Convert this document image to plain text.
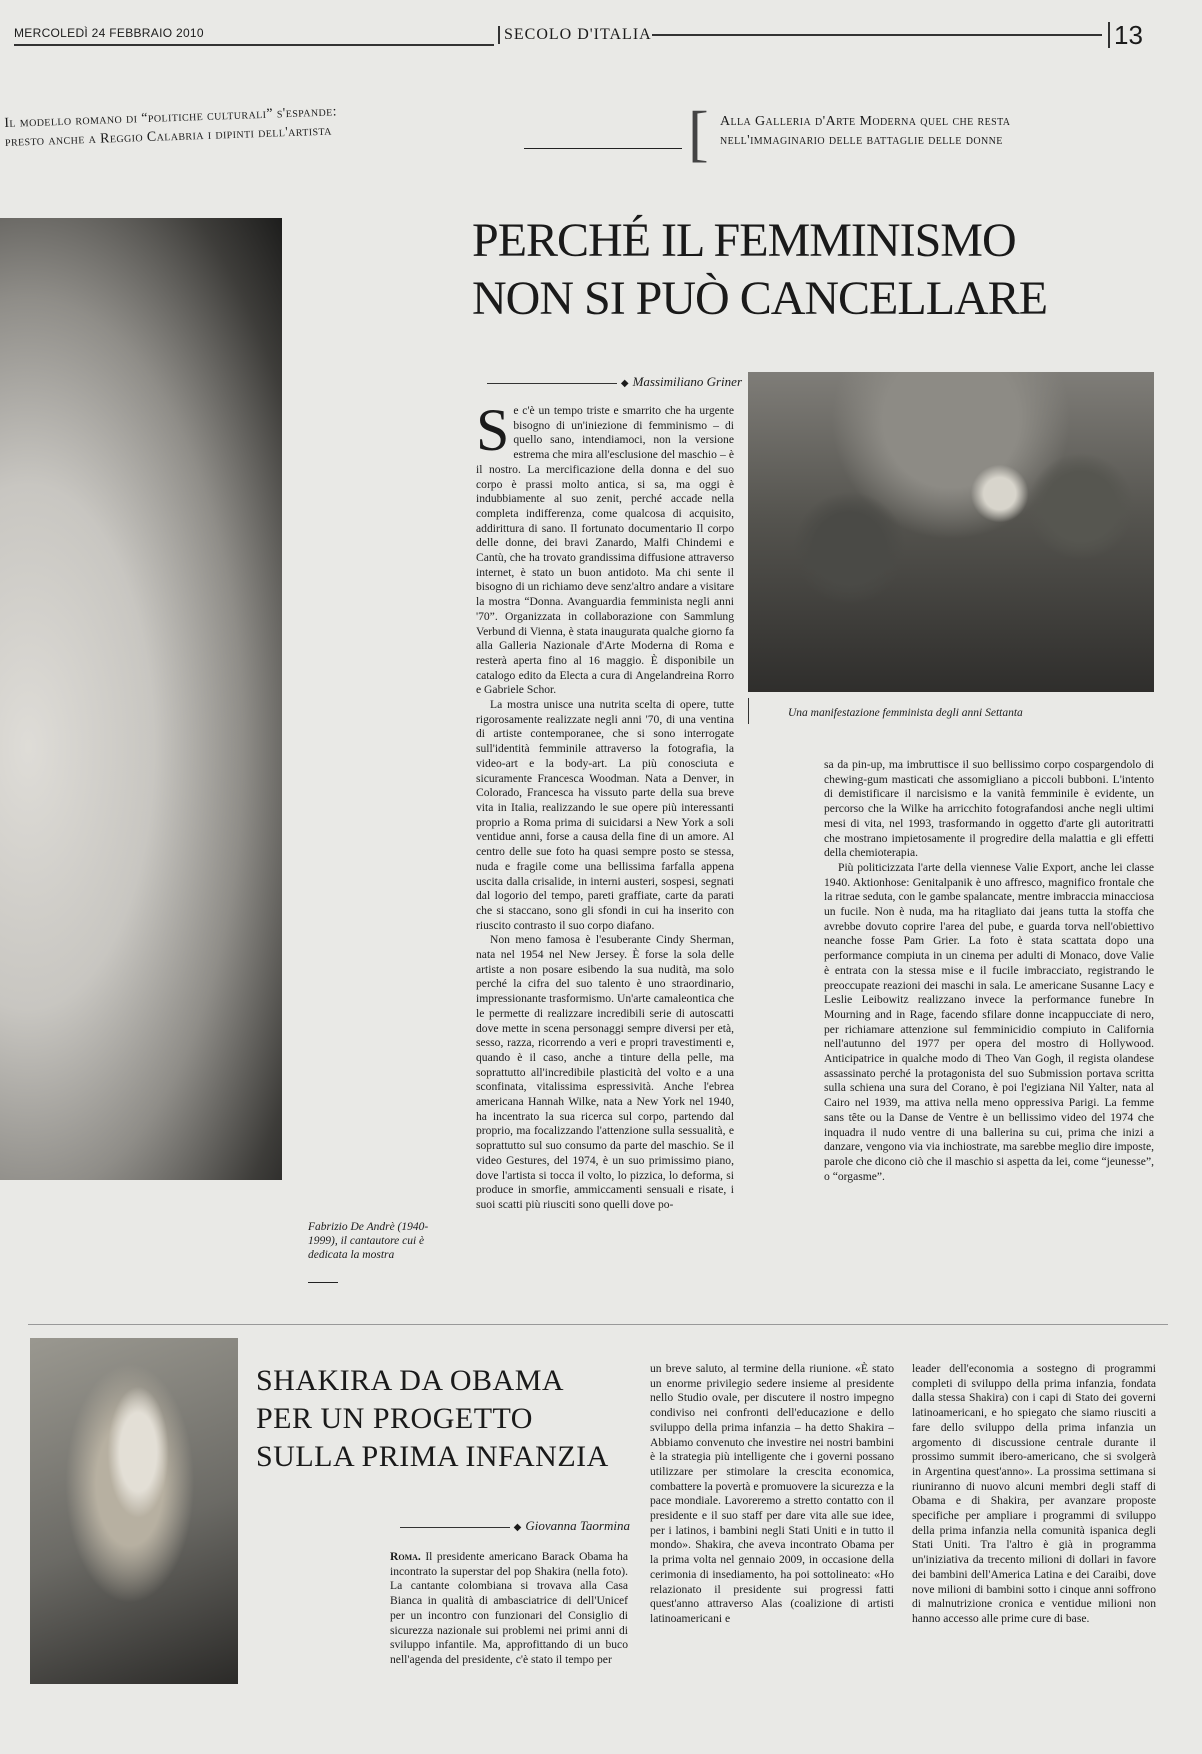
MERCOLEDÌ 24 FEBBRAIO 2010	SECOLO D'ITALIA	13
Il modello romano di “politiche culturali” s'espande:
presto anche a Reggio Calabria i dipinti dell'artista	[ Alla Galleria d'Arte Moderna quel che resta
nell'immaginario delle battaglie delle donne
Fabrizio De Andrè (1940-1999), il cantautore cui è dedicata la mostra
PERCHÉ IL FEMMINISMO
NON SI PUÒ CANCELLARE
◆ Massimiliano Griner
Una manifestazione femminista degli anni Settanta

Se c'è un tempo triste e smarrito che ha urgente bisogno di un'iniezione di femminismo – di quello sano, intendiamoci, non la versione estrema che mira all'esclusione del maschio – è il nostro. La mercificazione della donna e del suo corpo è prassi molto antica, si sa, ma oggi è indubbiamente al suo zenit, perché accade nella completa indifferenza, come qualcosa di acquisito, addirittura di sano. Il fortunato documentario Il corpo delle donne, dei bravi Zanardo, Malfi Chindemi e Cantù, che ha trovato grandissima diffusione attraverso internet, è stato un buon antidoto. Ma chi sente il bisogno di un richiamo deve senz'altro andare a visitare la mostra “Donna. Avanguardia femminista negli anni '70”. Organizzata in collaborazione con Sammlung Verbund di Vienna, è stata inaugurata qualche giorno fa alla Galleria Nazionale d'Arte Moderna di Roma e resterà aperta fino al 16 maggio. È disponibile un catalogo edito da Electa a cura di Angelandreina Rorro e Gabriele Schor.

La mostra unisce una nutrita scelta di opere, tutte rigorosamente realizzate negli anni '70, di una ventina di artiste contemporanee, che si sono interrogate sull'identità femminile attraverso la fotografia, la video-art e la body-art. La più conosciuta e sicuramente Francesca Woodman. Nata a Denver, in Colorado, Francesca ha vissuto parte della sua breve vita in Italia, realizzando le sue opere più interessanti proprio a Roma prima di suicidarsi a New York a soli ventidue anni, forse a causa della fine di un amore. Al centro delle sue foto ha quasi sempre posto se stessa, nuda e fragile come una bellissima farfalla appena uscita dalla crisalide, in interni austeri, sospesi, segnati dal logorio del tempo, pareti graffiate, carte da parati che si staccano, sono gli sfondi in cui ha inserito con riuscito contrasto il suo corpo diafano.

Non meno famosa è l'esuberante Cindy Sherman, nata nel 1954 nel New Jersey. È forse la sola delle artiste a non posare esibendo la sua nudità, ma solo perché la cifra del suo talento è uno straordinario, impressionante trasformismo. Un'arte camaleontica che le permette di realizzare incredibili serie di autoscatti dove mette in scena personaggi sempre diversi per età, sesso, razza, ricorrendo a veri e propri travestimenti e, quando è il caso, anche a tinture della pelle, ma soprattutto all'incredibile plasticità del volto e a una sconfinata, vitalissima espressività. Anche l'ebrea americana Hannah Wilke, nata a New York nel 1940, ha incentrato la sua ricerca sul corpo, partendo dal proprio, ma focalizzando l'attenzione sulla sessualità, e soprattutto sul suo consumo da parte del maschio. Se il video Gestures, del 1974, è un suo primissimo piano, dove l'artista si tocca il volto, lo pizzica, lo deforma, si produce in smorfie, ammiccamenti sensuali e risate, i suoi scatti più riusciti sono quelli dove po-

sa da pin-up, ma imbruttisce il suo bellissimo corpo cospargendolo di chewing-gum masticati che assomigliano a piccoli bubboni. L'intento di demistificare il narcisismo e la vanità femminile è evidente, un percorso che la Wilke ha arricchito fotografandosi anche negli ultimi mesi di vita, nel 1993, trasformando in oggetto d'arte gli autoritratti che mostrano impietosamente il progredire della malattia e gli effetti della chemioterapia.

Più politicizzata l'arte della viennese Valie Export, anche lei classe 1940. Aktionhose: Genitalpanik è uno affresco, magnifico frontale che la ritrae seduta, con le gambe spalancate, mentre imbraccia minacciosa un fucile. Non è nuda, ma ha ritagliato dai jeans tutta la stoffa che avrebbe dovuto coprire l'area del pube, e guarda torva nell'obiettivo neanche fosse Pam Grier. La foto è stata scattata dopo una performance compiuta in un cinema per adulti di Monaco, dove Valie è entrata con la stessa mise e il fucile imbracciato, registrando le preoccupate reazioni dei maschi in sala. Le americane Susanne Lacy e Leslie Leibowitz realizzano invece la performance funebre In Mourning and in Rage, facendo sfilare donne incappucciate di nero, per richiamare attenzione sul femminicidio compiuto in California nell'autunno del 1977 per opera del mostro di Hollywood. Anticipatrice in qualche modo di Theo Van Gogh, il regista olandese assassinato perché la protagonista del suo Submission portava scritta sulla schiena una sura del Corano, è poi l'egiziana Nil Yalter, nata al Cairo nel 1939, ma attiva nella meno oppressiva Parigi. La femme sans tête ou la Danse de Ventre è un bellissimo video del 1974 che inquadra il nudo ventre di una ballerina su cui, prima che inizi a danzare, vengono via via inchiostrate, ma sarebbe meglio dire imposte, parole che dicono ciò che il maschio si aspetta da lei, come “jeunesse”, o “orgasme”.

SHAKIRA DA OBAMA
PER UN PROGETTO
SULLA PRIMA INFANZIA
◆ Giovanna Taormina

Roma. Il presidente americano Barack Obama ha incontrato la superstar del pop Shakira (nella foto). La cantante colombiana si trovava alla Casa Bianca in qualità di ambasciatrice di dell'Unicef per un incontro con funzionari del Consiglio di sicurezza nazionale sui problemi nei primi anni di sviluppo infantile. Ma, approfittando di un buco nell'agenda del presidente, c'è stato il tempo per

un breve saluto, al termine della riunione. «È stato un enorme privilegio sedere insieme al presidente nello Studio ovale, per discutere il nostro impegno condiviso nei confronti dell'educazione e dello sviluppo della prima infanzia – ha detto Shakira – Abbiamo convenuto che investire nei nostri bambini è la strategia più intelligente che i governi possano utilizzare per stimolare la crescita economica, combattere la povertà e promuovere la sicurezza e la pace mondiale. Lavoreremo a stretto contatto con il presidente e il suo staff per dare vita alle sue idee, per i latinos, i bambini negli Stati Uniti e in tutto il mondo». Shakira, che aveva incontrato Obama per la prima volta nel gennaio 2009, in occasione della cerimonia di insediamento, ha poi sottolineato: «Ho relazionato il presidente sui progressi fatti quest'anno attraverso Alas (coalizione di artisti latinoamericani e

leader dell'economia a sostegno di programmi completi di sviluppo della prima infanzia, fondata dalla stessa Shakira) con i capi di Stato dei governi latinoamericani, e ho spiegato che siamo riusciti a fare dello sviluppo della prima infanzia un argomento di discussione centrale durante il prossimo summit ibero-americano, che si svolgerà in Argentina quest'anno». La prossima settimana si riuniranno di nuovo alcuni membri degli staff di Obama e di Shakira, per avanzare proposte specifiche per ampliare i programmi di sviluppo della prima infanzia nella comunità ispanica degli Stati Uniti. Tra l'altro è già in programma un'iniziativa da trecento milioni di dollari in favore dei bambini dell'America Latina e dei Caraibi, dove nove milioni di bambini sotto i cinque anni soffrono di malnutrizione cronica e ventidue milioni non hanno accesso alle prime cure di base.
